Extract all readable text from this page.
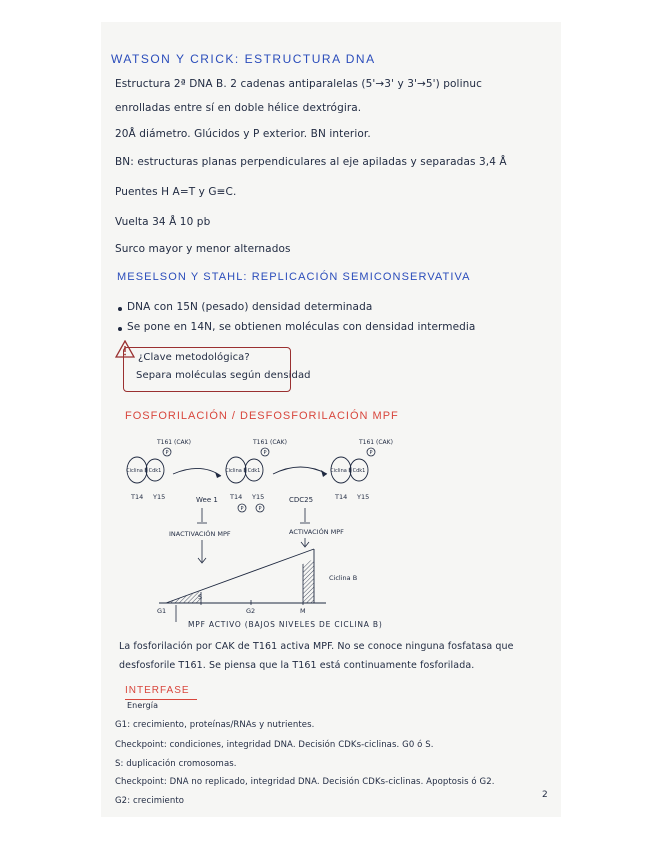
WATSON Y CRICK: ESTRUCTURA DNA
Estructura 2ª DNA B. 2 cadenas antiparalelas (5'→3' y 3'→5') polinuc
enrolladas entre sí en doble hélice dextrógira.
20Å diámetro. Glúcidos y P exterior. BN interior.
BN: estructuras planas perpendiculares al eje apiladas y separadas 3,4 Å
Puentes H A=T y G≡C.
Vuelta 34 Å 10 pb
Surco mayor y menor alternados
MESELSON Y STAHL: REPLICACIÓN SEMICONSERVATIVA
DNA con 15N (pesado) densidad determinada
Se pone en 14N, se obtienen moléculas con densidad intermedia
¿Clave metodológica?
Separa moléculas según densidad
FOSFORILACIÓN / DESFOSFORILACIÓN MPF
Ciclina B Cdk1
P
T161 (CAK)
T14 Y15
Ciclina B Cdk1
P
P	P
T161 (CAK)
T14 Y15
Ciclina B Cdk1
P
T161 (CAK)
T14 Y15
Wee 1	CDC25
INACTIVACIÓN MPF	ACTIVACIÓN MPF
Ciclina B
G1
S
G2	M
MPF ACTIVO (BAJOS NIVELES DE CICLINA B)
La fosforilación por CAK de T161 activa MPF. No se conoce ninguna fosfatasa que
desfosforile T161. Se piensa que la T161 está continuamente fosforilada.
INTERFASE
Energía
G1: crecimiento, proteínas/RNAs y nutrientes.
Checkpoint: condiciones, integridad DNA. Decisión CDKs-ciclinas. G0 ó S.
S: duplicación cromosomas.
Checkpoint: DNA no replicado, integridad DNA. Decisión CDKs-ciclinas. Apoptosis ó G2.
G2: crecimiento
2
